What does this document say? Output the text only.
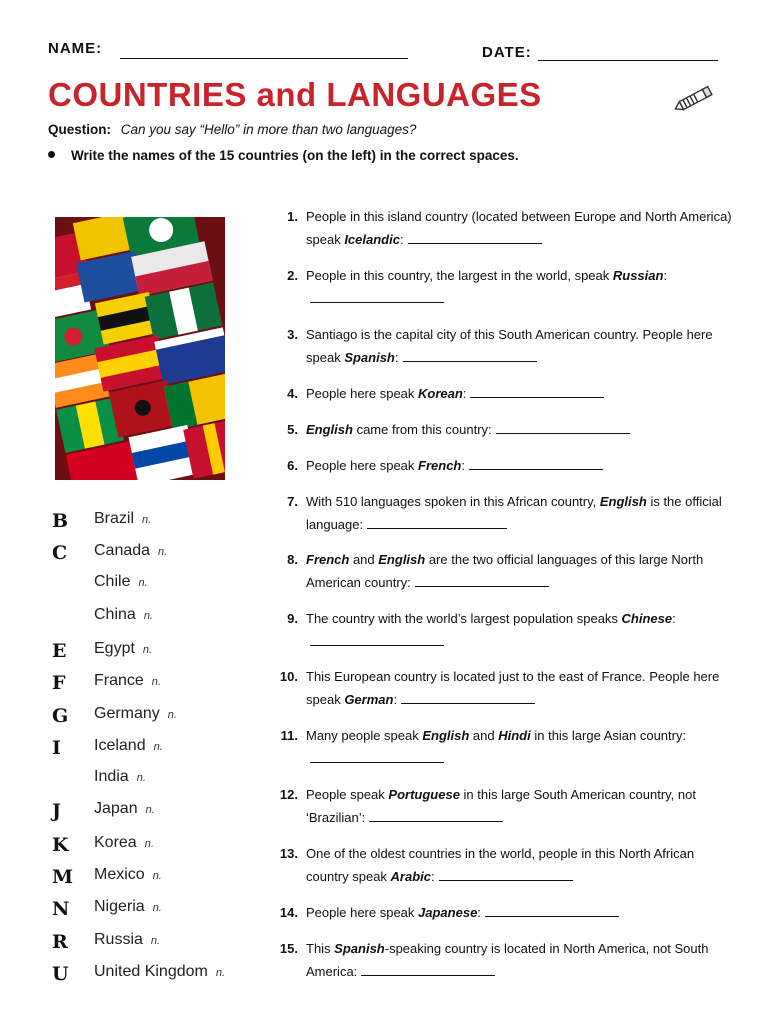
NAME:	DATE:
COUNTRIES and LANGUAGES
Question: Can you say “Hello” in more than two languages?
Write the names of the 15 countries (on the left) in the correct spaces.
B	Brazil n.
C	Canada n.
Chile n.
China n.
E	Egypt n.
F	France n.
G	Germany n.
I	Iceland n.
India n.
J	Japan n.
K	Korea n.
M Mexico n.
N Nigeria n.
R	Russia n.
U	United Kingdom n.
1. People in this island country (located between Europe and North America) speak Icelandic:
2. People in this country, the largest in the world, speak Russian:
3. Santiago is the capital city of this South American country. People here speak Spanish:
4. People here speak Korean:
5. English came from this country:
6. People here speak French:
7. With 510 languages spoken in this African country, English is the official language:
8. French and English are the two official languages of this large North American country:
9. The country with the world’s largest population speaks Chinese:
10. This European country is located just to the east of France. People here speak German:
11. Many people speak English and Hindi in this large Asian country:
12. People speak Portuguese in this large South American country, not ‘Brazilian’:
13. One of the oldest countries in the world, people in this North African country speak Arabic:
14. People here speak Japanese:
15. This Spanish-speaking country is located in North America, not South America:
